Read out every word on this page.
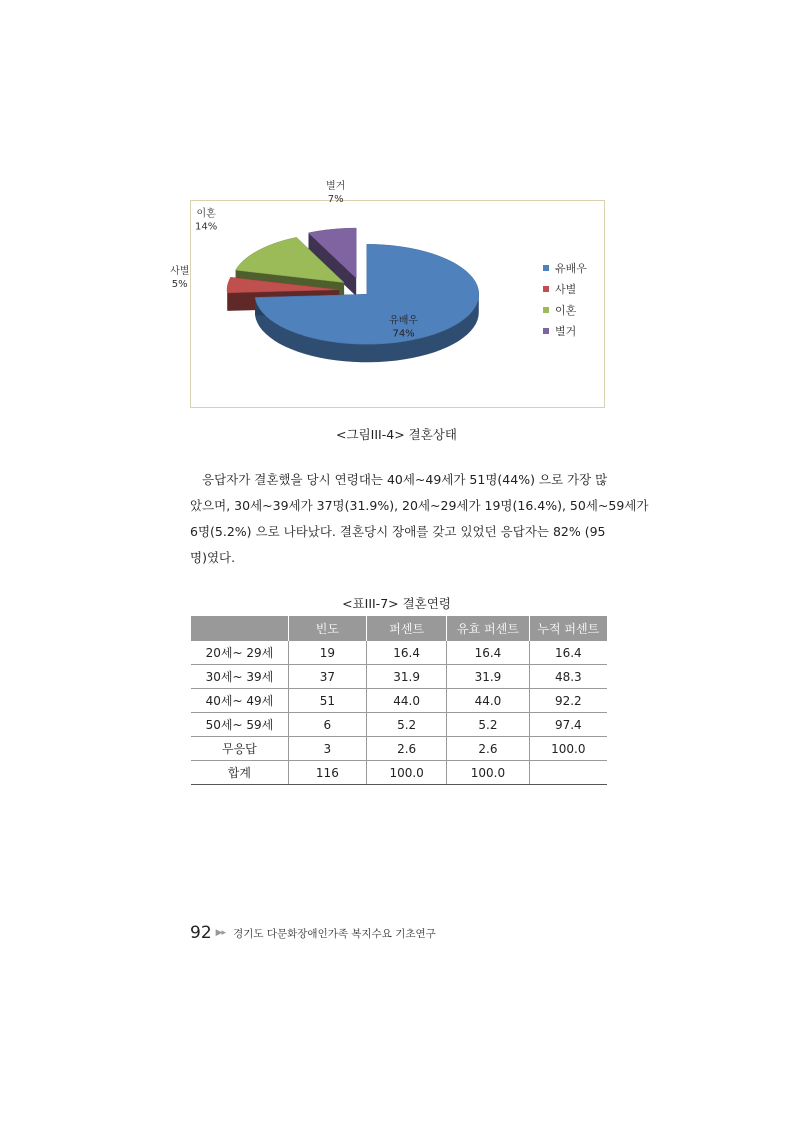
유배우
74%
사별
5%
이혼
14%
별거
7%
유배우
사별
이혼
별거
<그림III-4> 결혼상태
응답자가 결혼했을 당시 연령대는 40세~49세가 51명(44%) 으로 가장 많
았으며, 30세~39세가 37명(31.9%), 20세~29세가 19명(16.4%), 50세~59세가
6명(5.2%) 으로 나타났다. 결혼당시 장애를 갖고 있었던 응답자는 82% (95
명)였다.
<표III-7> 결혼연령
	빈도	퍼센트	유효 퍼센트	누적 퍼센트
20세~ 29세	19	16.4	16.4	16.4
30세~ 39세	37	31.9	31.9	48.3
40세~ 49세	51	44.0	44.0	92.2
50세~ 59세	6	5.2	5.2	97.4
무응답	3	2.6	2.6	100.0
합계	116	100.0	100.0	
92 ▶▸ 경기도 다문화장애인가족 복지수요 기초연구
